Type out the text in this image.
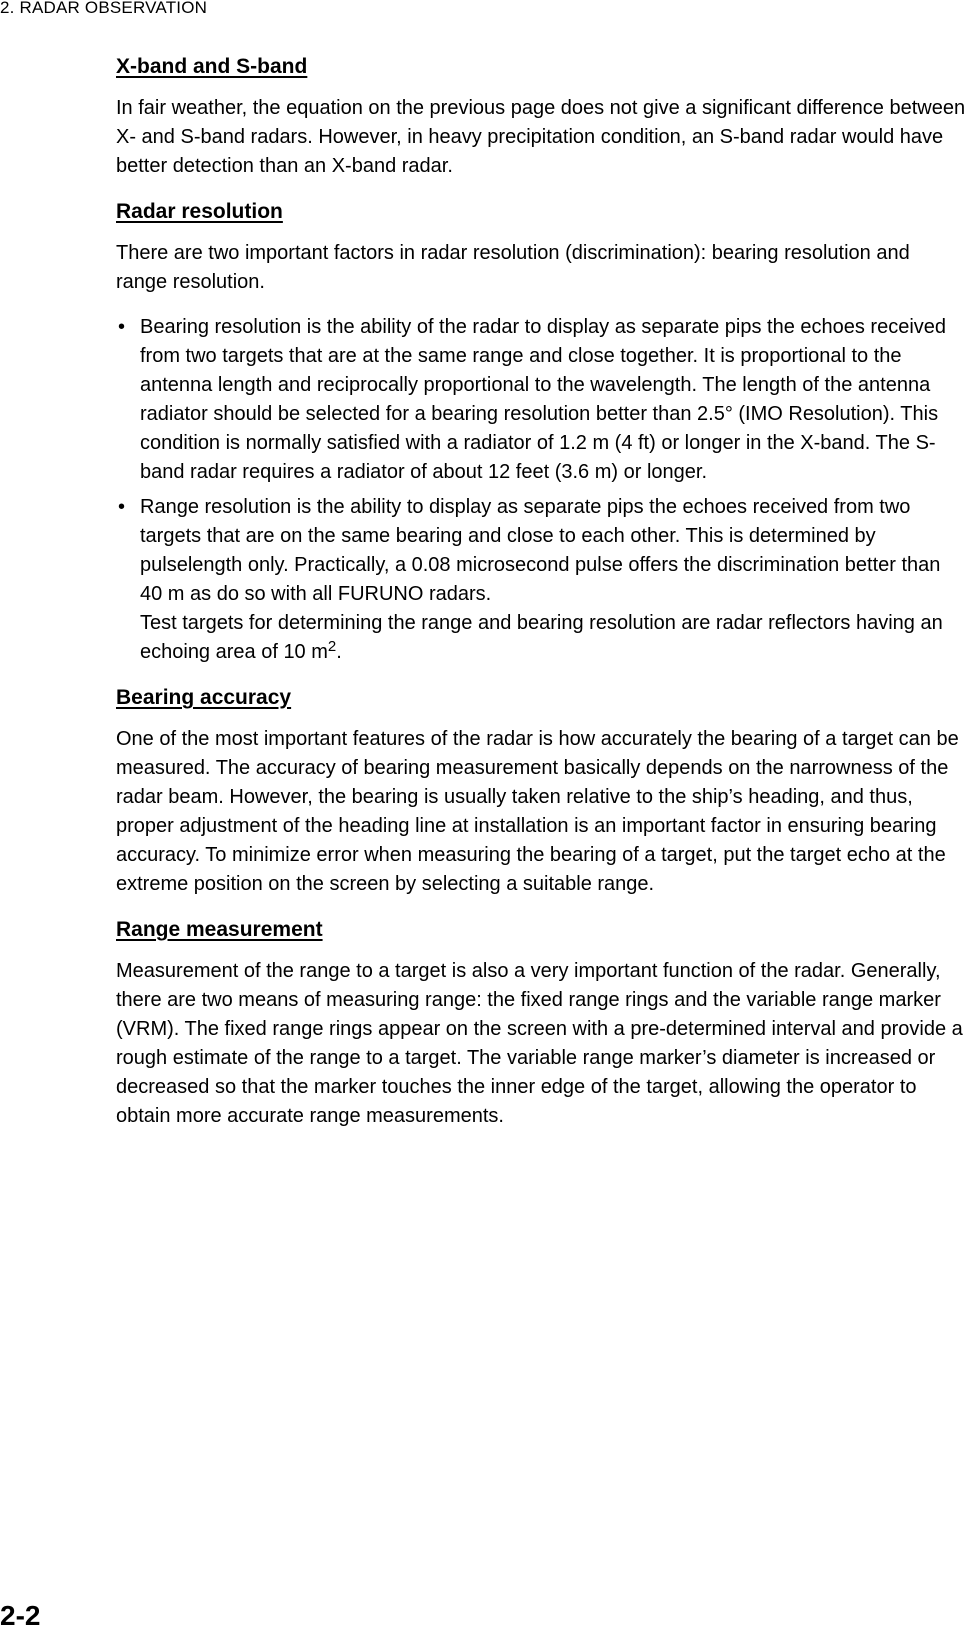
2. RADAR OBSERVATION
X-band and S-band

In fair weather, the equation on the previous page does not give a significant difference between X- and S-band radars. However, in heavy precipitation condition, an S-band radar would have better detection than an X-band radar.

Radar resolution

There are two important factors in radar resolution (discrimination): bearing resolution and range resolution.

• Bearing resolution is the ability of the radar to display as separate pips the echoes received from two targets that are at the same range and close together. It is proportional to the antenna length and reciprocally proportional to the wavelength. The length of the antenna radiator should be selected for a bearing resolution better than 2.5° (IMO Resolution). This condition is normally satisfied with a radiator of 1.2 m (4 ft) or longer in the X-band. The S-band radar requires a radiator of about 12 feet (3.6 m) or longer.
• Range resolution is the ability to display as separate pips the echoes received from two targets that are on the same bearing and close to each other. This is determined by pulselength only. Practically, a 0.08 microsecond pulse offers the discrimination better than 40 m as do so with all FURUNO radars.
Test targets for determining the range and bearing resolution are radar reflectors having an echoing area of 10 $m^2$.
Bearing accuracy

One of the most important features of the radar is how accurately the bearing of a target can be measured. The accuracy of bearing measurement basically depends on the narrowness of the radar beam. However, the bearing is usually taken relative to the ship’s heading, and thus, proper adjustment of the heading line at installation is an important factor in ensuring bearing accuracy. To minimize error when measuring the bearing of a target, put the target echo at the extreme position on the screen by selecting a suitable range.

Range measurement

Measurement of the range to a target is also a very important function of the radar. Generally, there are two means of measuring range: the fixed range rings and the variable range marker (VRM). The fixed range rings appear on the screen with a pre-determined interval and provide a rough estimate of the range to a target. The variable range marker’s diameter is increased or decreased so that the marker touches the inner edge of the target, allowing the operator to obtain more accurate range measurements.

2-2
